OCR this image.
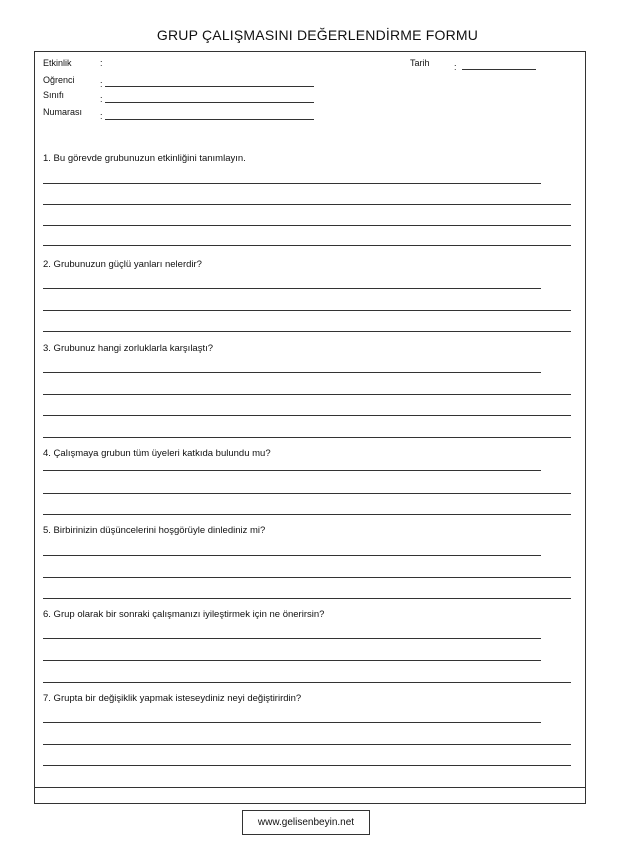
GRUP ÇALIŞMASINI DEĞERLENDİRME FORMU
Etkinlik	:	Tarih	:
Oğrenci	:
Sınıfı	:
Numarası :
1. Bu görevde grubunuzun etkinliğini tanımlayın.
2. Grubunuzun güçlü yanları nelerdir?
3. Grubunuz hangi zorluklarla karşılaştı?
4. Çalışmaya grubun tüm üyeleri katkıda bulundu mu?
5. Birbirinizin düşüncelerini hoşgörüyle dinlediniz mi?
6. Grup olarak bir sonraki çalışmanızı iyileştirmek için ne önerirsin?
7. Grupta bir değişiklik yapmak isteseydiniz neyi değiştirirdin?
www.gelisenbeyin.net
